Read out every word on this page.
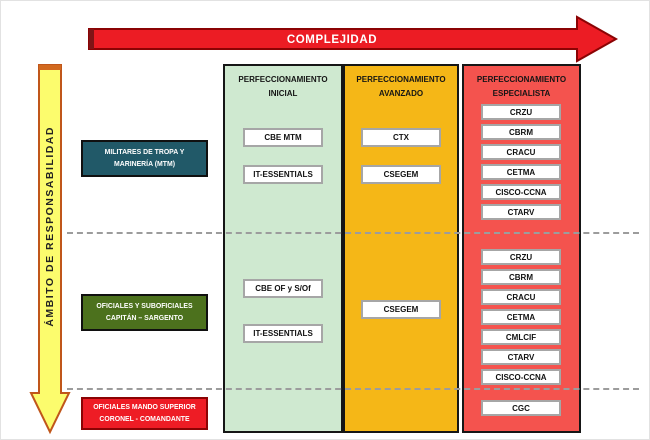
COMPLEJIDAD
ÁMBITO DE RESPONSABILIDAD
PERFECCIONAMIENTO INICIAL
PERFECCIONAMIENTO AVANZADO
PERFECCIONAMIENTO ESPECIALISTA
MILITARES DE TROPA Y
MARINERÍA (MTM)
OFICIALES Y SUBOFICIALES
CAPITÁN – SARGENTO
OFICIALES MANDO SUPERIOR
CORONEL - COMANDANTE
CBE MTM
IT-ESSENTIALS
CTX
CSEGEM
CRZU
CBRM
CRACU
CETMA
CISCO-CCNA
CTARV
CBE OF y S/Of
IT-ESSENTIALS
CSEGEM
CRZU
CBRM
CRACU
CETMA
CMLCIF
CTARV
CISCO-CCNA
CGC
